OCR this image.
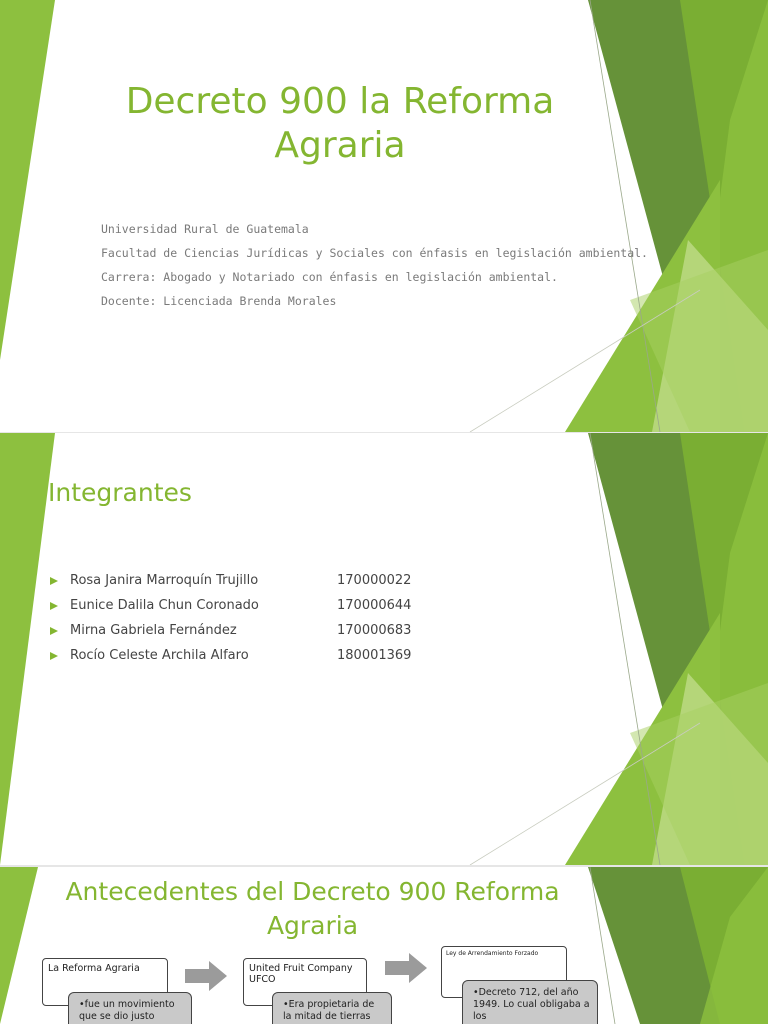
Decreto 900 la Reforma Agraria
Universidad Rural de Guatemala
Facultad de Ciencias Jurídicas y Sociales con énfasis en legislación ambiental.
Carrera: Abogado y Notariado con énfasis en legislación ambiental.
Docente: Licenciada Brenda Morales
Integrantes
Rosa Janira Marroquín Trujillo	170000022
Eunice Dalila Chun Coronado	170000644
Mirna Gabriela Fernández	170000683
Rocío Celeste Archila Alfaro	180001369
Antecedentes del Decreto 900 Reforma Agraria
La Reforma Agraria
•fue un movimiento que se dio justo
United Fruit Company UFCO
•Era propietaria de la mitad de tierras
Ley de Arrendamiento Forzado
•Decreto 712, del año 1949. Lo cual obligaba a los
